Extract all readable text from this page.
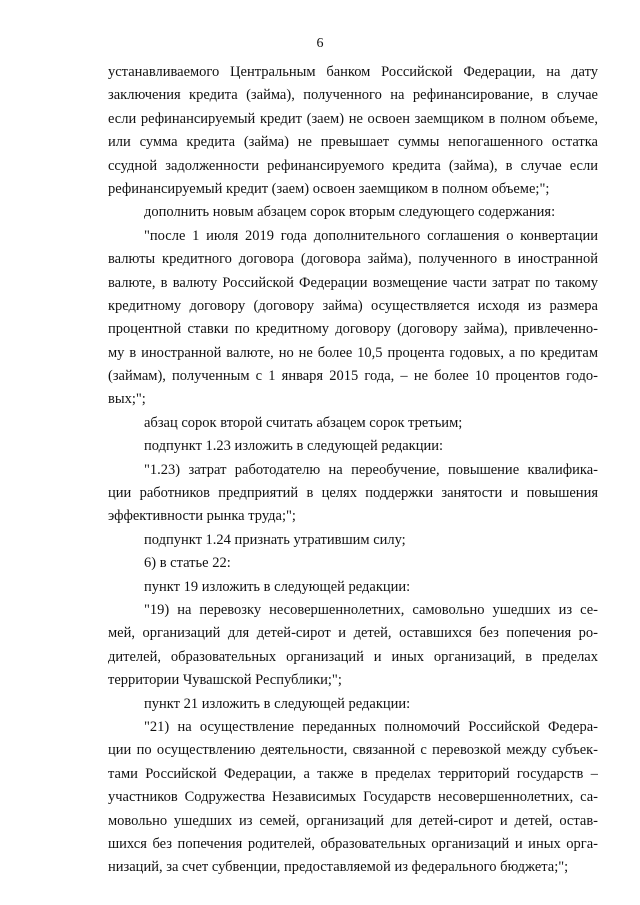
6
устанавливаемого Центральным банком Российской Федерации, на дату
заключения кредита (займа), полученного на рефинансирование, в случае
если рефинансируемый кредит (заем) не освоен заемщиком в полном объеме,
или сумма кредита (займа) не превышает суммы непогашенного остатка
ссудной задолженности рефинансируемого кредита (займа), в случае если
рефинансируемый кредит (заем) освоен заемщиком в полном объеме;";
дополнить новым абзацем сорок вторым следующего содержания:
"после 1 июля 2019 года дополнительного соглашения о конвертации
валюты кредитного договора (договора займа), полученного в иностранной
валюте, в валюту Российской Федерации возмещение части затрат по такому
кредитному договору (договору займа) осуществляется исходя из размера
процентной ставки по кредитному договору (договору займа), привлеченно-
му в иностранной валюте, но не более 10,5 процента годовых, а по кредитам
(займам), полученным с 1 января 2015 года, – не более 10 процентов годо-
вых;";
абзац сорок второй считать абзацем сорок третьим;
подпункт 1.23 изложить в следующей редакции:
"1.23) затрат работодателю на переобучение, повышение квалифика-
ции работников предприятий в целях поддержки занятости и повышения
эффективности рынка труда;";
подпункт 1.24 признать утратившим силу;
6) в статье 22:
пункт 19 изложить в следующей редакции:
"19) на перевозку несовершеннолетних, самовольно ушедших из се-
мей, организаций для детей-сирот и детей, оставшихся без попечения ро-
дителей, образовательных организаций и иных организаций, в пределах
территории Чувашской Республики;";
пункт 21 изложить в следующей редакции:
"21) на осуществление переданных полномочий Российской Федера-
ции по осуществлению деятельности, связанной с перевозкой между субъек-
тами Российской Федерации, а также в пределах территорий государств –
участников Содружества Независимых Государств несовершеннолетних, са-
мовольно ушедших из семей, организаций для детей-сирот и детей, остав-
шихся без попечения родителей, образовательных организаций и иных орга-
низаций, за счет субвенции, предоставляемой из федерального бюджета;";
